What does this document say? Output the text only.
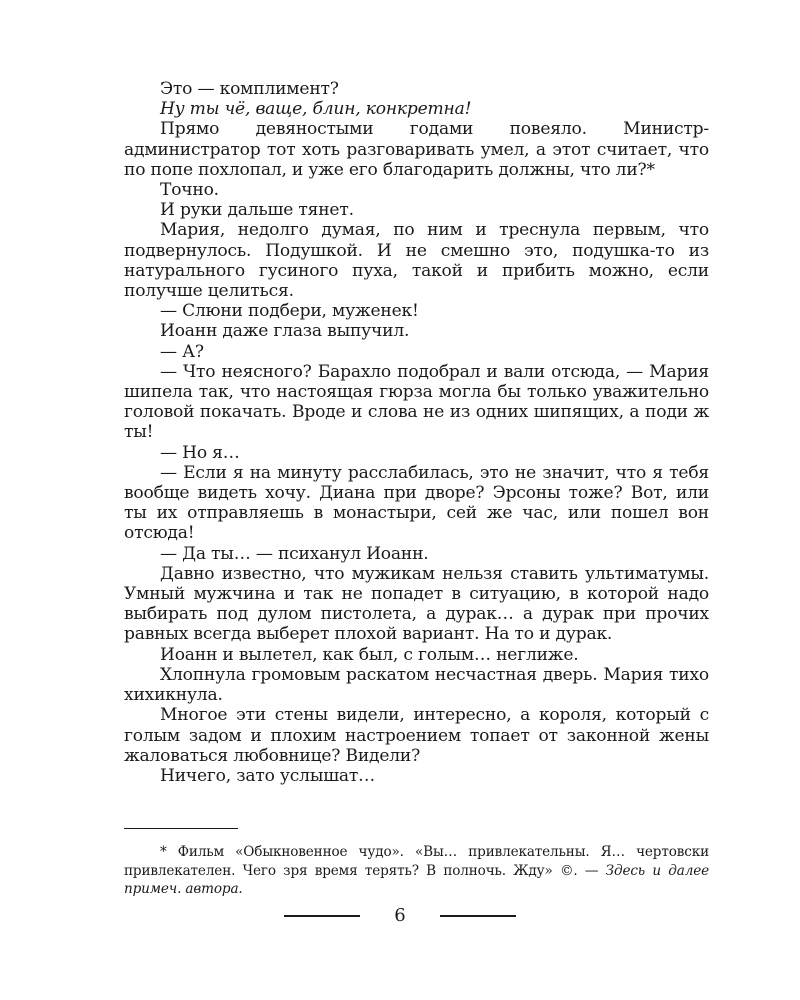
Это — комплимент?

Ну ты чё, ваще, блин, конкретна!

Прямо девяностыми годами повеяло. Министр-администратор тот хоть разговаривать умел, а этот считает, что по попе похлопал, и уже его благодарить должны, что ли?*

Точно.

И руки дальше тянет.

Мария, недолго думая, по ним и треснула первым, что подвернулось. Подушкой. И не смешно это, подушка-то из натурального гусиного пуха, такой и прибить можно, если получше целиться.

— Слюни подбери, муженек!

Иоанн даже глаза выпучил.

— А?

— Что неясного? Барахло подобрал и вали отсюда, — Мария шипела так, что настоящая гюрза могла бы только уважительно головой покачать. Вроде и слова не из одних шипящих, а поди ж ты!

— Но я…

— Если я на минуту расслабилась, это не значит, что я тебя вообще видеть хочу. Диана при дворе? Эрсоны тоже? Вот, или ты их отправляешь в монастыри, сей же час, или пошел вон отсюда!

— Да ты… — психанул Иоанн.

Давно известно, что мужикам нельзя ставить ультиматумы. Умный мужчина и так не попадет в ситуацию, в которой надо выбирать под дулом пистолета, а дурак… а дурак при прочих равных всегда выберет плохой вариант. На то и дурак.

Иоанн и вылетел, как был, с голым… неглиже.

Хлопнула громовым раскатом несчастная дверь. Мария тихо хихикнула.

Многое эти стены видели, интересно, а короля, который с голым задом и плохим настроением топает от законной жены жаловаться любовнице? Видели?

Ничего, зато услышат…

* Фильм «Обыкновенное чудо». «Вы… привлекательны. Я… чертовски привлекателен. Чего зря время терять? В полночь. Жду» ©. — Здесь и далее примеч. автора.
6
